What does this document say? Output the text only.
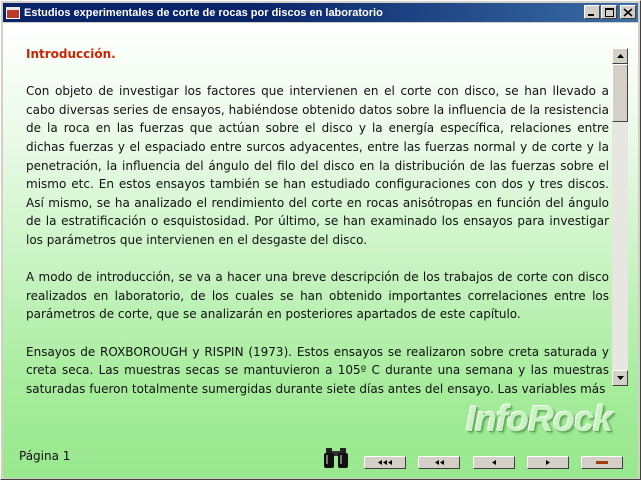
Estudios experimentales de corte de rocas por discos en laboratorio
Introducción.

Con objeto de investigar los factores que intervienen en el corte con disco, se han llevado a cabo diversas series de ensayos, habiéndose obtenido datos sobre la influencia de la resistencia de la roca en las fuerzas que actúan sobre el disco y la energía específica, relaciones entre dichas fuerzas y el espaciado entre surcos adyacentes, entre las fuerzas normal y de corte y la penetración, la influencia del ángulo del filo del disco en la distribución de las fuerzas sobre el mismo etc. En estos ensayos también se han estudiado configuraciones con dos y tres discos. Así mismo, se ha analizado el rendimiento del corte en rocas anisótropas en función del ángulo de la estratificación o esquistosidad. Por último, se han examinado los ensayos para investigar los parámetros que intervienen en el desgaste del disco.

A modo de introducción, se va a hacer una breve descripción de los trabajos de corte con disco realizados en laboratorio, de los cuales se han obtenido importantes correlaciones entre los parámetros de corte, que se analizarán en posteriores apartados de este capítulo.

Ensayos de ROXBOROUGH y RISPIN (1973). Estos ensayos se realizaron sobre creta saturada y creta seca. Las muestras secas se mantuvieron a 105º C durante una semana y las muestras saturadas fueron totalmente sumergidas durante siete días antes del ensayo. Las variables más

InfoRock
Página 1
